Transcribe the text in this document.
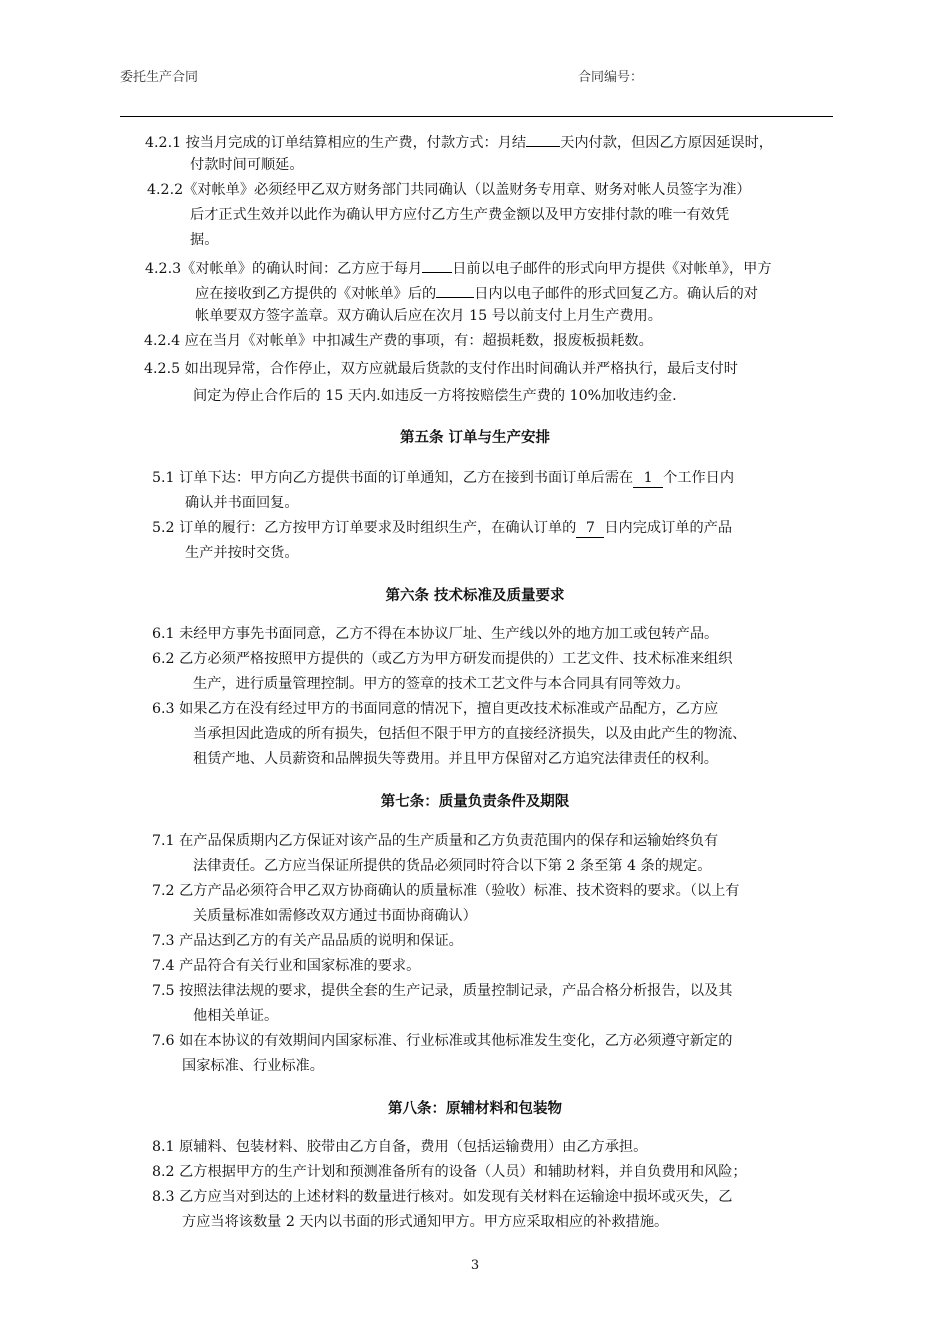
委托生产合同	合同编号：
4.2.1 按当月完成的订单结算相应的生产费，付款方式：月结 天内付款，但因乙方原因延误时，
付款时间可顺延。
4.2.2《对帐单》必须经甲乙双方财务部门共同确认（以盖财务专用章、财务对帐人员签字为准）
后才正式生效并以此作为确认甲方应付乙方生产费金额以及甲方安排付款的唯一有效凭
据。
4.2.3《对帐单》的确认时间：乙方应于每月 日前以电子邮件的形式向甲方提供《对帐单》，甲方
应在接收到乙方提供的《对帐单》后的	日内以电子邮件的形式回复乙方。确认后的对
帐单要双方签字盖章。双方确认后应在次月 15 号以前支付上月生产费用。
4.2.4 应在当月《对帐单》中扣减生产费的事项，有：超损耗数，报废板损耗数。
4.2.5 如出现异常，合作停止，双方应就最后货款的支付作出时间确认并严格执行，最后支付时
间定为停止合作后的 15 天内.如违反一方将按赔偿生产费的 10%加收违约金.
第五条 订单与生产安排
5.1 订单下达：甲方向乙方提供书面的订单通知，乙方在接到书面订单后需在 1 个工作日内
确认并书面回复。
5.2 订单的履行：乙方按甲方订单要求及时组织生产，在确认订单的 7 日内完成订单的产品
生产并按时交货。
第六条 技术标准及质量要求
6.1 未经甲方事先书面同意，乙方不得在本协议厂址、生产线以外的地方加工或包转产品。
6.2 乙方必须严格按照甲方提供的（或乙方为甲方研发而提供的）工艺文件、技术标准来组织
生产，进行质量管理控制。甲方的签章的技术工艺文件与本合同具有同等效力。
6.3 如果乙方在没有经过甲方的书面同意的情况下，擅自更改技术标准或产品配方，乙方应
当承担因此造成的所有损失，包括但不限于甲方的直接经济损失，以及由此产生的物流、
租赁产地、人员薪资和品牌损失等费用。并且甲方保留对乙方追究法律责任的权利。
第七条：质量负责条件及期限
7.1 在产品保质期内乙方保证对该产品的生产质量和乙方负责范围内的保存和运输始终负有
法律责任。乙方应当保证所提供的货品必须同时符合以下第 2 条至第 4 条的规定。
7.2 乙方产品必须符合甲乙双方协商确认的质量标准（验收）标准、技术资料的要求。（以上有
关质量标准如需修改双方通过书面协商确认）
7.3 产品达到乙方的有关产品品质的说明和保证。
7.4 产品符合有关行业和国家标准的要求。
7.5 按照法律法规的要求，提供全套的生产记录，质量控制记录，产品合格分析报告，以及其
他相关单证。
7.6 如在本协议的有效期间内国家标准、行业标准或其他标准发生变化，乙方必须遵守新定的
国家标准、行业标准。
第八条：原辅材料和包装物
8.1 原辅料、包装材料、胶带由乙方自备，费用（包括运输费用）由乙方承担。
8.2 乙方根据甲方的生产计划和预测准备所有的设备（人员）和辅助材料，并自负费用和风险；
8.3 乙方应当对到达的上述材料的数量进行核对。如发现有关材料在运输途中损坏或灭失，乙
方应当将该数量 2 天内以书面的形式通知甲方。甲方应采取相应的补救措施。
3
